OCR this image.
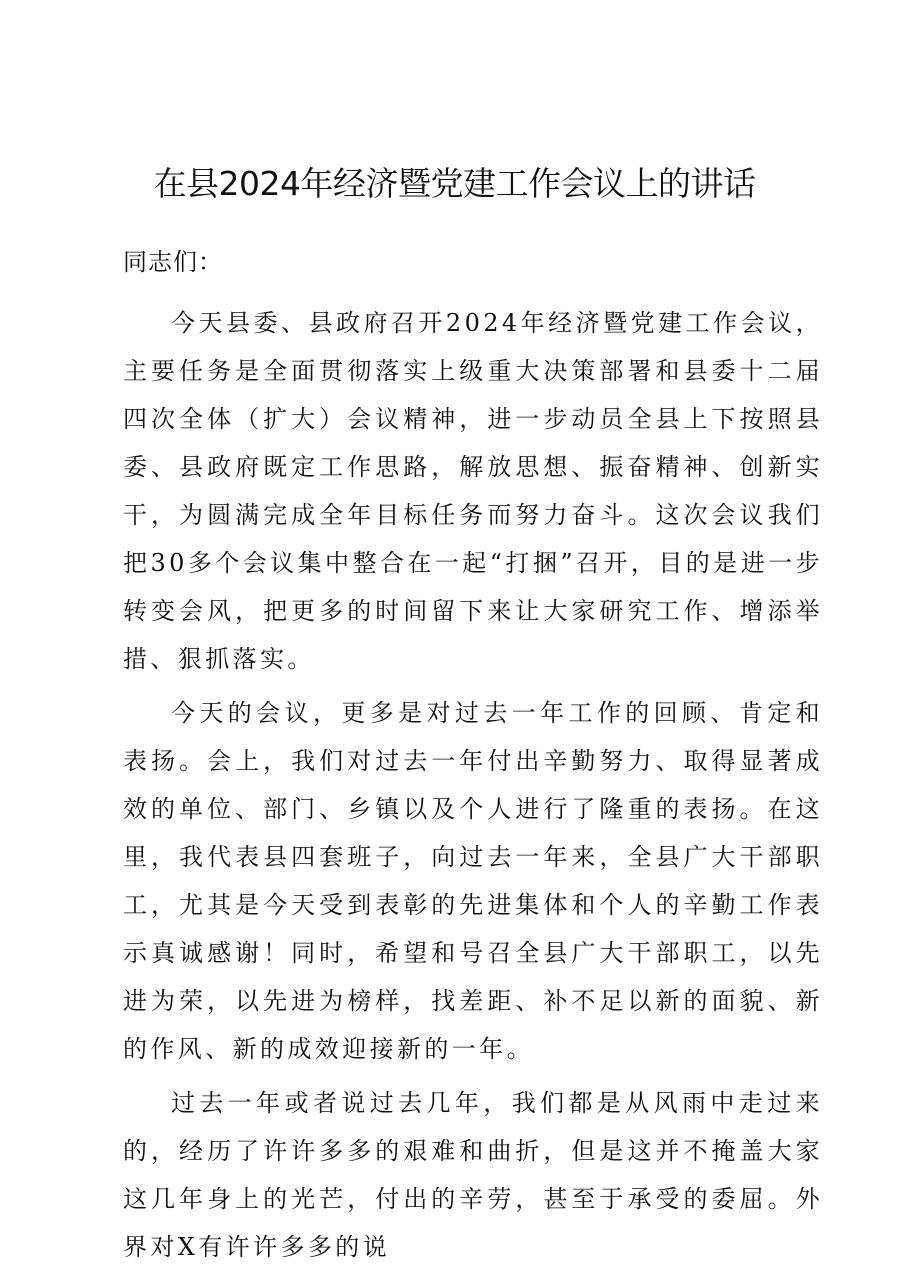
在县2024年经济暨党建工作会议上的讲话

同志们：

今天县委、县政府召开2024年经济暨党建工作会议，主要任务是全面贯彻落实上级重大决策部署和县委十二届四次全体（扩大）会议精神，进一步动员全县上下按照县委、县政府既定工作思路，解放思想、振奋精神、创新实干，为圆满完成全年目标任务而努力奋斗。这次会议我们把30多个会议集中整合在一起“打捆”召开，目的是进一步转变会风，把更多的时间留下来让大家研究工作、增添举措、狠抓落实。

今天的会议，更多是对过去一年工作的回顾、肯定和表扬。会上，我们对过去一年付出辛勤努力、取得显著成效的单位、部门、乡镇以及个人进行了隆重的表扬。在这里，我代表县四套班子，向过去一年来，全县广大干部职工，尤其是今天受到表彰的先进集体和个人的辛勤工作表示真诚感谢！同时，希望和号召全县广大干部职工，以先进为荣，以先进为榜样，找差距、补不足以新的面貌、新的作风、新的成效迎接新的一年。

过去一年或者说过去几年，我们都是从风雨中走过来的，经历了许许多多的艰难和曲折，但是这并不掩盖大家这几年身上的光芒，付出的辛劳，甚至于承受的委屈。外界对X有许许多多的说
